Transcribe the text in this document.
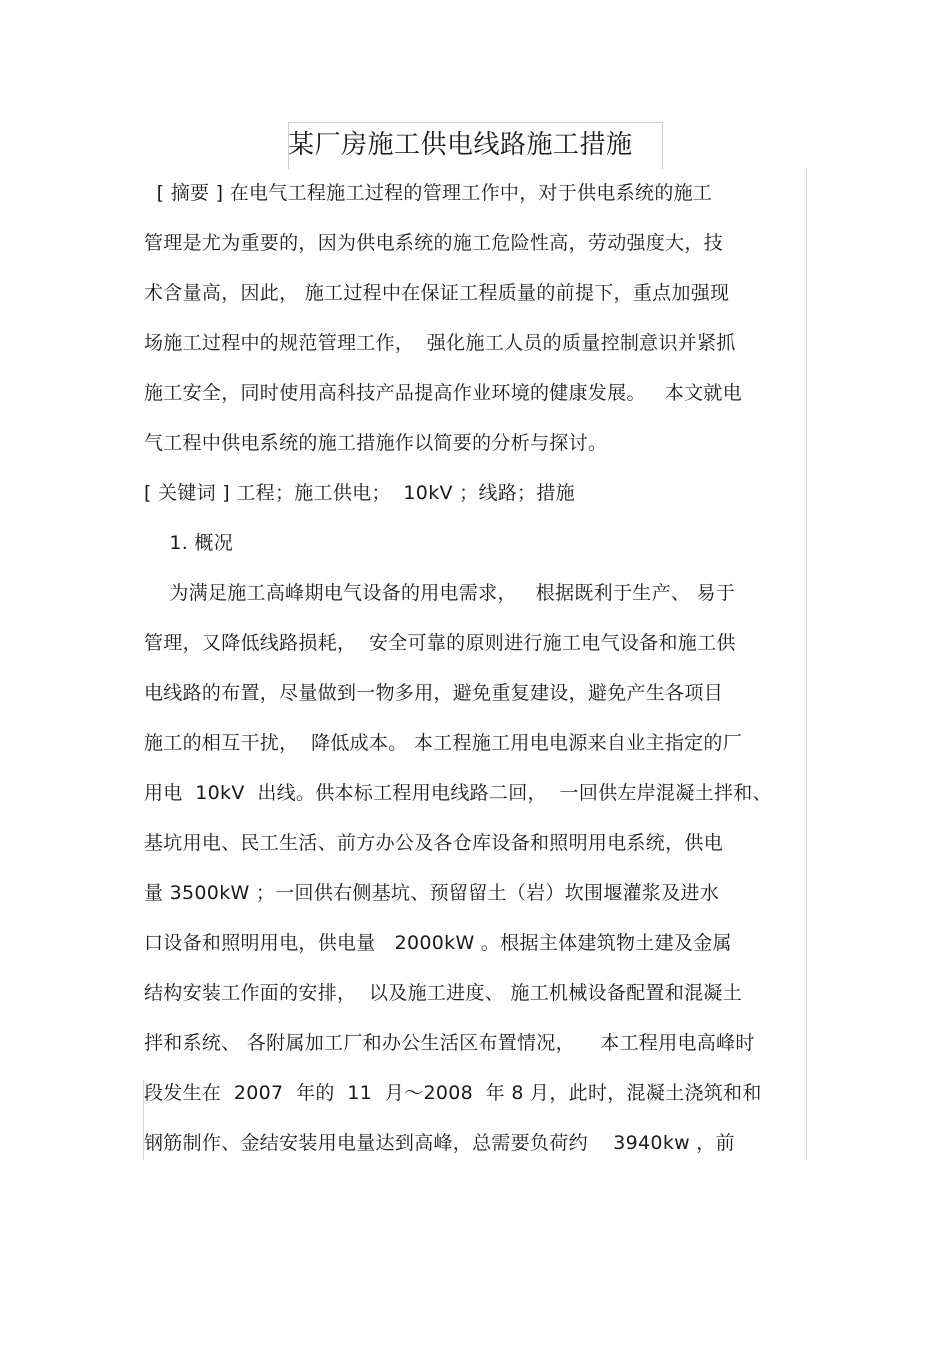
某厂房施工供电线路施工措施
[ 摘要 ] 在电气工程施工过程的管理工作中，对于供电系统的施工
管理是尤为重要的，因为供电系统的施工危险性高，劳动强度大，技
术含量高，因此， 施工过程中在保证工程质量的前提下，重点加强现
场施工过程中的规范管理工作，  强化施工人员的质量控制意识并紧抓
施工安全，同时使用高科技产品提高作业环境的健康发展。   本文就电
气工程中供电系统的施工措施作以简要的分析与探讨。
[ 关键词 ] 工程；施工供电；  10kV ；线路；措施
1. 概况
为满足施工高峰期电气设备的用电需求，   根据既利于生产、 易于
管理，又降低线路损耗，  安全可靠的原则进行施工电气设备和施工供
电线路的布置，尽量做到一物多用，避免重复建设，避免产生各项目
施工的相互干扰，  降低成本。 本工程施工用电电源来自业主指定的厂
用电  10kV  出线。供本标工程用电线路二回，  一回供左岸混凝土拌和、
基坑用电、民工生活、前方办公及各仓库设备和照明用电系统，供电
量 3500kW ；一回供右侧基坑、预留留土（岩）坎围堰灌浆及进水
口设备和照明用电，供电量   2000kW 。根据主体建筑物土建及金属
结构安装工作面的安排，  以及施工进度、 施工机械设备配置和混凝土
拌和系统、 各附属加工厂和办公生活区布置情况，    本工程用电高峰时
段发生在  2007  年的  11  月～2008  年 8 月，此时，混凝土浇筑和和
钢筋制作、金结安装用电量达到高峰，总需要负荷约    3940kw ，前
